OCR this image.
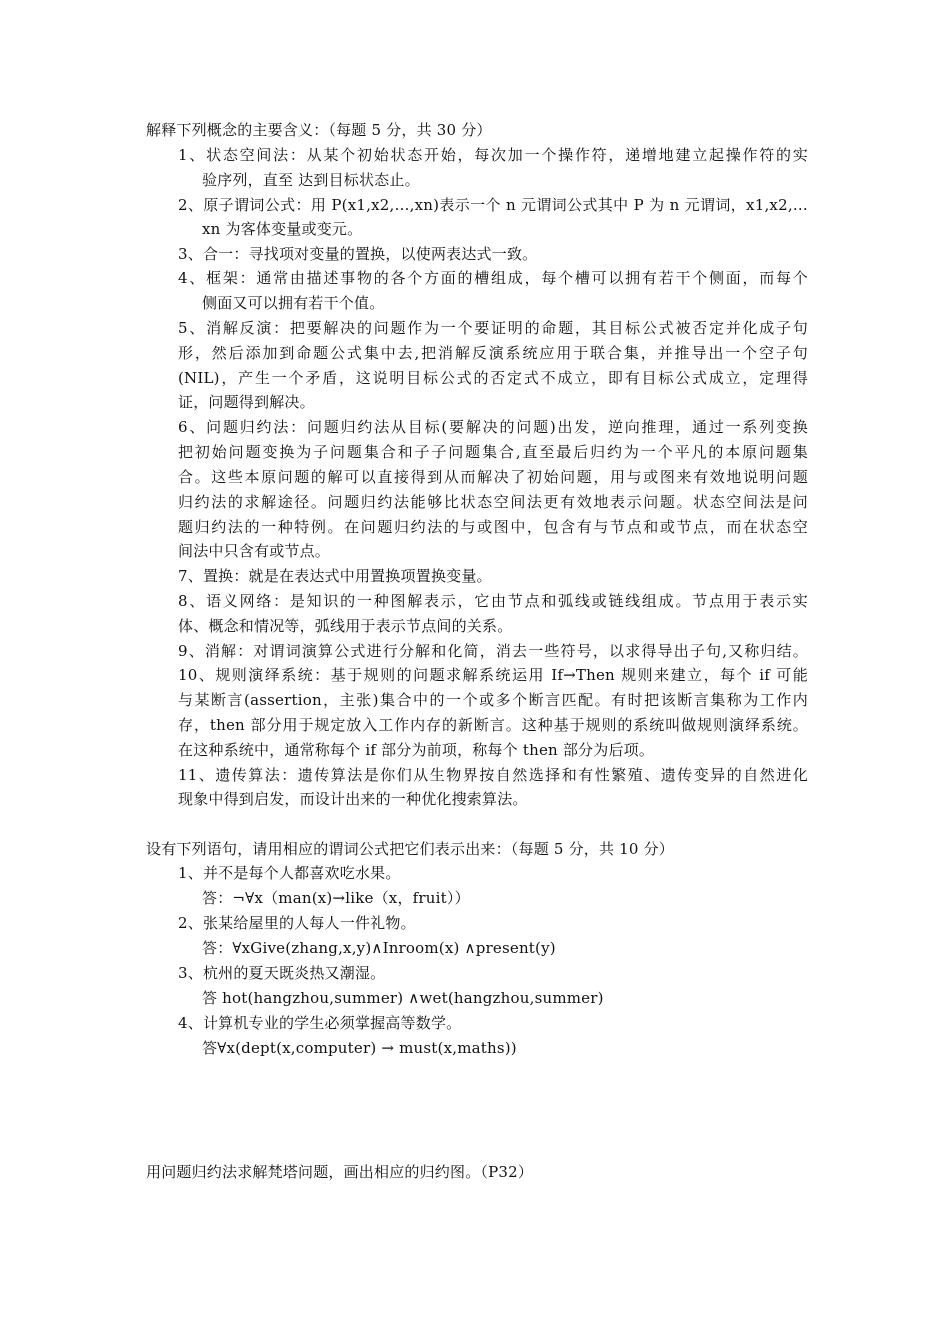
解释下列概念的主要含义：（每题 5 分，共 30 分）
1、状态空间法：从某个初始状态开始，每次加一个操作符，递增地建立起操作符的实
验序列，直至 达到目标状态止。
2、原子谓词公式：用 P(x1,x2,…,xn)表示一个 n 元谓词公式其中 P 为 n 元谓词，x1,x2,…
xn 为客体变量或变元。
3、合一：寻找项对变量的置换，以使两表达式一致。
4、框架：通常由描述事物的各个方面的槽组成，每个槽可以拥有若干个侧面，而每个
侧面又可以拥有若干个值。
5、消解反演：把要解决的问题作为一个要证明的命题，其目标公式被否定并化成子句
形，然后添加到命题公式集中去,把消解反演系统应用于联合集，并推导出一个空子句
(NIL)，产生一个矛盾，这说明目标公式的否定式不成立，即有目标公式成立，定理得
证，问题得到解决。
6、问题归约法：问题归约法从目标(要解决的问题)出发，逆向推理，通过一系列变换
把初始问题变换为子问题集合和子子问题集合,直至最后归约为一个平凡的本原问题集
合。这些本原问题的解可以直接得到从而解决了初始问题，用与或图来有效地说明问题
归约法的求解途径。问题归约法能够比状态空间法更有效地表示问题。状态空间法是问
题归约法的一种特例。在问题归约法的与或图中，包含有与节点和或节点，而在状态空
间法中只含有或节点。
7、置换：就是在表达式中用置换项置换变量。
8、语义网络：是知识的一种图解表示，它由节点和弧线或链线组成。节点用于表示实
体、概念和情况等，弧线用于表示节点间的关系。
9、消解：对谓词演算公式进行分解和化简，消去一些符号，以求得导出子句,又称归结。
10、规则演绎系统：基于规则的问题求解系统运用 If→Then 规则来建立，每个 if 可能
与某断言(assertion，主张)集合中的一个或多个断言匹配。有时把该断言集称为工作内
存，then 部分用于规定放入工作内存的新断言。这种基于规则的系统叫做规则演绎系统。
在这种系统中，通常称每个 if 部分为前项，称每个 then 部分为后项。
11、遗传算法：遗传算法是你们从生物界按自然选择和有性繁殖、遗传变异的自然进化
现象中得到启发，而设计出来的一种优化搜索算法。
设有下列语句，请用相应的谓词公式把它们表示出来：（每题 5 分，共 10 分）
1、并不是每个人都喜欢吃水果。
答：¬∀x（man(x)→like（x，fruit））
2、张某给屋里的人每人一件礼物。
答：∀xGive(zhang,x,y)∧Inroom(x) ∧present(y)
3、杭州的夏天既炎热又潮湿。
答 hot(hangzhou,summer) ∧wet(hangzhou,summer)
4、计算机专业的学生必须掌握高等数学。
答∀x(dept(x,computer) → must(x,maths))
用问题归约法求解梵塔问题，画出相应的归约图。（P32）
